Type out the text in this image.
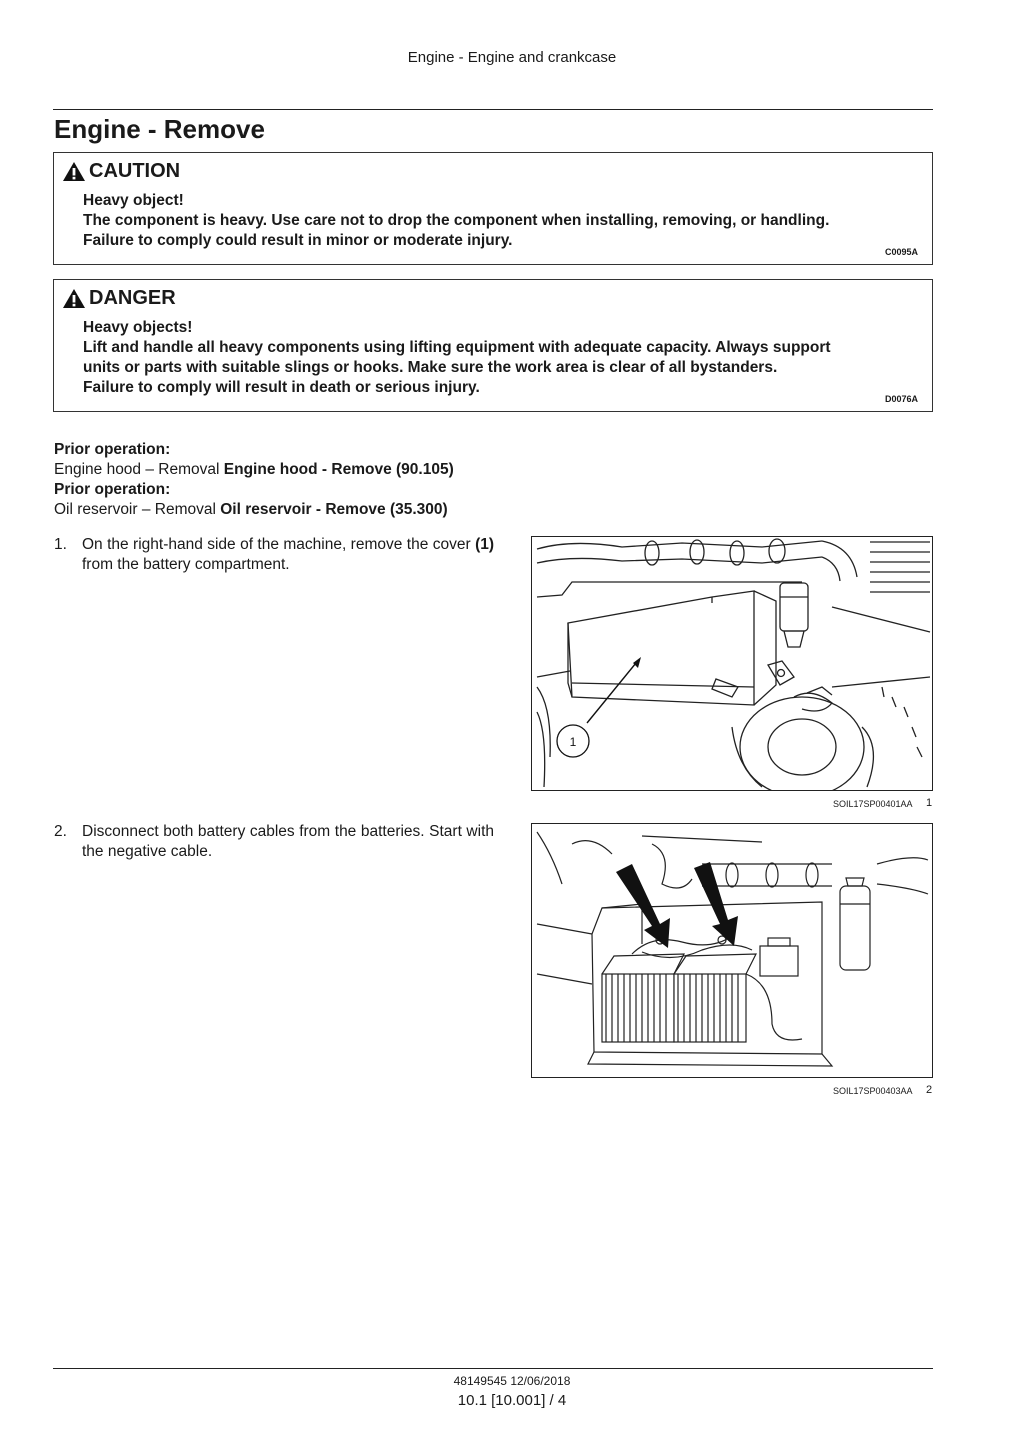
Engine - Engine and crankcase
Engine - Remove
CAUTION
Heavy object!
The component is heavy. Use care not to drop the component when installing, removing, or handling.
Failure to comply could result in minor or moderate injury.
C0095A
DANGER
Heavy objects!
Lift and handle all heavy components using lifting equipment with adequate capacity. Always support
units or parts with suitable slings or hooks. Make sure the work area is clear of all bystanders.
Failure to comply will result in death or serious injury.
D0076A
Prior operation:
Engine hood – Removal Engine hood - Remove (90.105)
Prior operation:
Oil reservoir – Removal Oil reservoir - Remove (35.300)
1. On the right-hand side of the machine, remove the cover (1) from the battery compartment.
1
SOIL17SP00401AA 1
2. Disconnect both battery cables from the batteries. Start with the negative cable.
SOIL17SP00403AA 2
48149545 12/06/2018
10.1 [10.001] / 4
